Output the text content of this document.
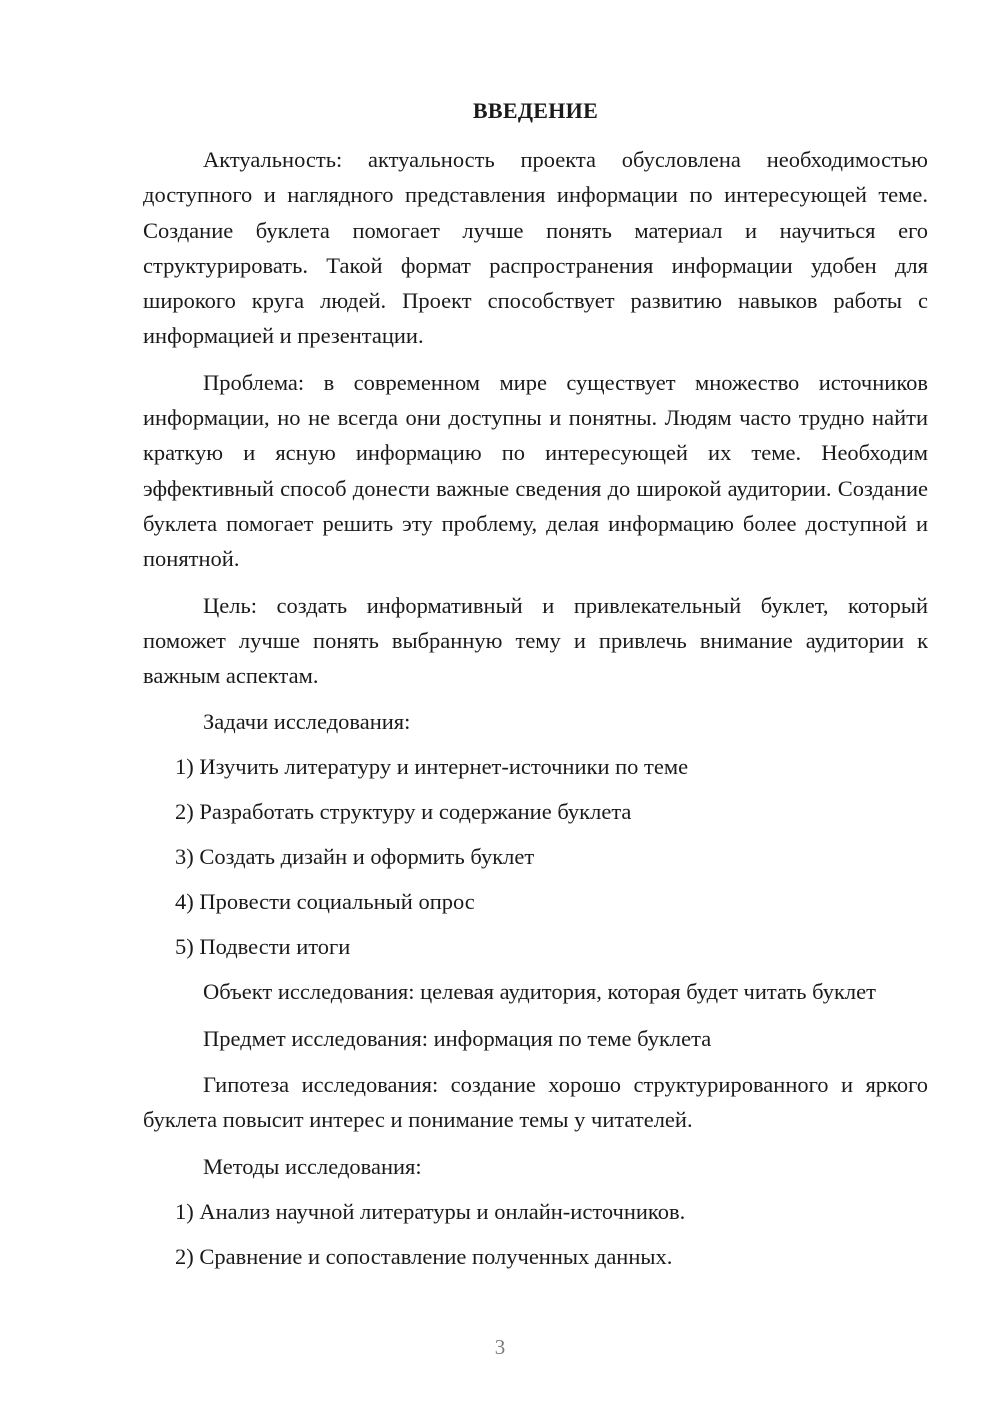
ВВЕДЕНИЕ
Актуальность: актуальность проекта обусловлена необходимостью доступного и наглядного представления информации по интересующей теме. Создание буклета помогает лучше понять материал и научиться его структурировать. Такой формат распространения информации удобен для широкого круга людей. Проект способствует развитию навыков работы с информацией и презентации.
Проблема: в современном мире существует множество источников информации, но не всегда они доступны и понятны. Людям часто трудно найти краткую и ясную информацию по интересующей их теме. Необходим эффективный способ донести важные сведения до широкой аудитории. Создание буклета помогает решить эту проблему, делая информацию более доступной и понятной.
Цель: создать информативный и привлекательный буклет, который поможет лучше понять выбранную тему и привлечь внимание аудитории к важным аспектам.
Задачи исследования:
1) Изучить литературу и интернет-источники по теме
2) Разработать структуру и содержание буклета
3) Создать дизайн и оформить буклет
4) Провести социальный опрос
5) Подвести итоги
Объект исследования: целевая аудитория, которая будет читать буклет
Предмет исследования: информация по теме буклета
Гипотеза исследования: создание хорошо структурированного и яркого буклета повысит интерес и понимание темы у читателей.
Методы исследования:
1) Анализ научной литературы и онлайн-источников.
2) Сравнение и сопоставление полученных данных.
3
